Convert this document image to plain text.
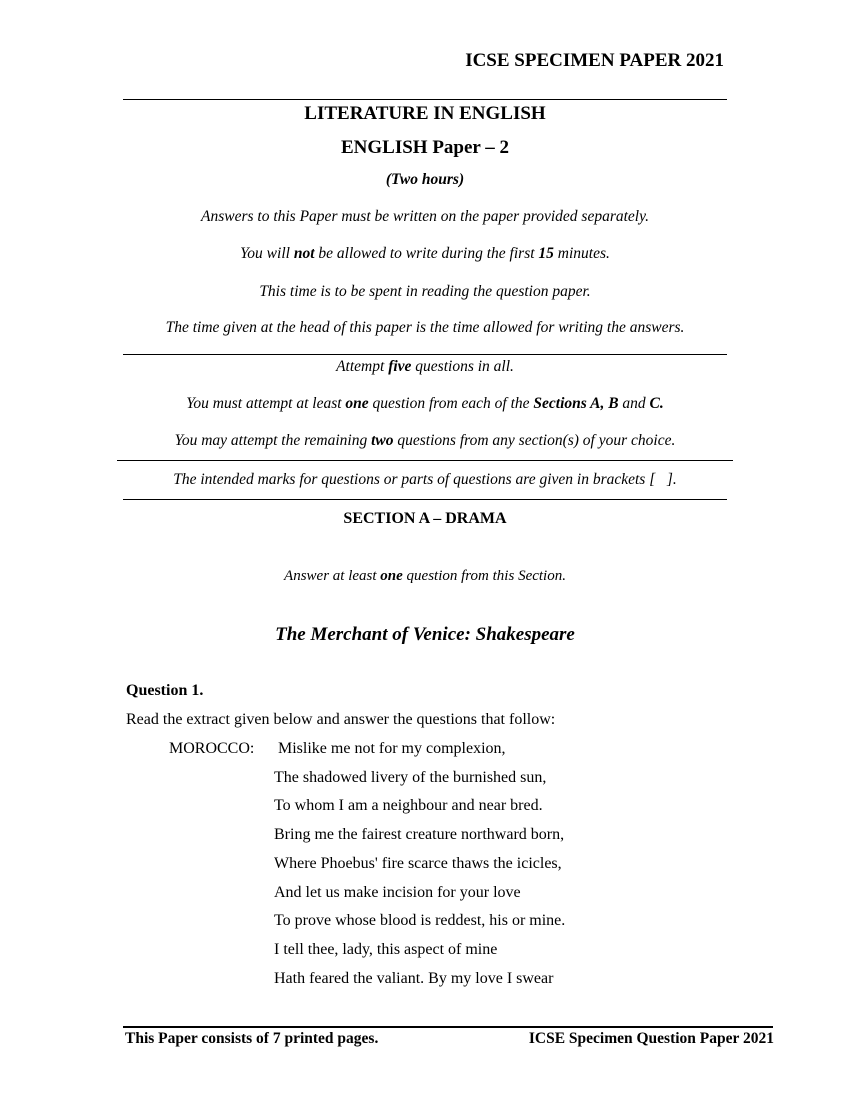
ICSE SPECIMEN PAPER 2021
LITERATURE IN ENGLISH
ENGLISH Paper – 2
(Two hours)
Answers to this Paper must be written on the paper provided separately.
You will not be allowed to write during the first 15 minutes.
This time is to be spent in reading the question paper.
The time given at the head of this paper is the time allowed for writing the answers.
Attempt five questions in all.
You must attempt at least one question from each of the Sections A, B and C.
You may attempt the remaining two questions from any section(s) of your choice.
The intended marks for questions or parts of questions are given in brackets [   ].
SECTION A – DRAMA
Answer at least one question from this Section.
The Merchant of Venice: Shakespeare
Question 1.
Read the extract given below and answer the questions that follow:
MOROCCO: Mislike me not for my complexion,
The shadowed livery of the burnished sun,
To whom I am a neighbour and near bred.
Bring me the fairest creature northward born,
Where Phoebus' fire scarce thaws the icicles,
And let us make incision for your love
To prove whose blood is reddest, his or mine.
I tell thee, lady, this aspect of mine
Hath feared the valiant. By my love I swear
This Paper consists of 7 printed pages.	ICSE Specimen Question Paper 2021
